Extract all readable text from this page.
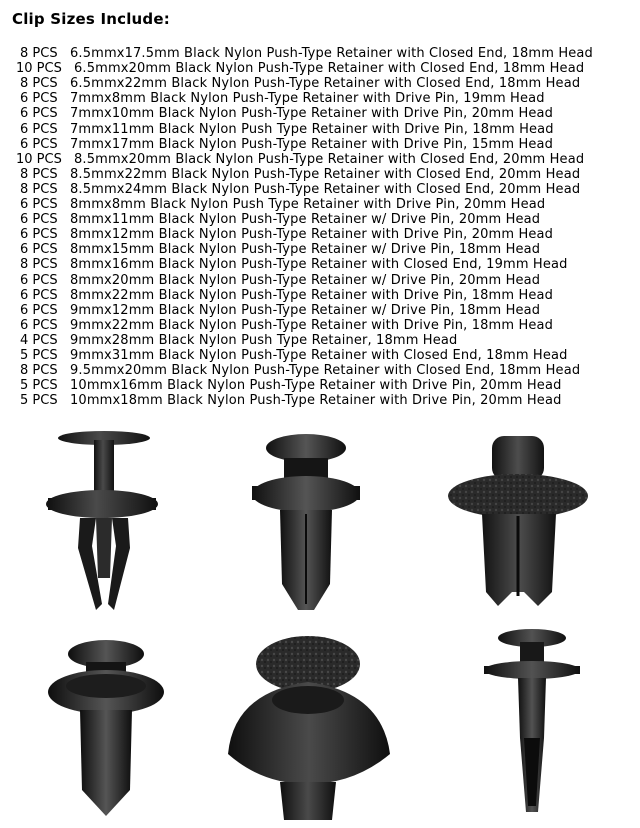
Clip Sizes Include:
8 PCS 6.5mmx17.5mm Black Nylon Push-Type Retainer with Closed End, 18mm Head
10 PCS 6.5mmx20mm Black Nylon Push-Type Retainer with Closed End, 18mm Head
8 PCS 6.5mmx22mm Black Nylon Push-Type Retainer with Closed End, 18mm Head
6 PCS 7mmx8mm Black Nylon Push-Type Retainer with Drive Pin, 19mm Head
6 PCS 7mmx10mm Black Nylon Push-Type Retainer with Drive Pin, 20mm Head
6 PCS 7mmx11mm Black Nylon Push Type Retainer with Drive Pin, 18mm Head
6 PCS 7mmx17mm Black Nylon Push-Type Retainer with Drive Pin, 15mm Head
10 PCS 8.5mmx20mm Black Nylon Push-Type Retainer with Closed End, 20mm Head
8 PCS 8.5mmx22mm Black Nylon Push-Type Retainer with Closed End, 20mm Head
8 PCS 8.5mmx24mm Black Nylon Push-Type Retainer with Closed End, 20mm Head
6 PCS 8mmx8mm Black Nylon Push Type Retainer with Drive Pin, 20mm Head
6 PCS 8mmx11mm Black Nylon Push-Type Retainer w/ Drive Pin, 20mm Head
6 PCS 8mmx12mm Black Nylon Push-Type Retainer with Drive Pin, 20mm Head
6 PCS 8mmx15mm Black Nylon Push-Type Retainer w/ Drive Pin, 18mm Head
8 PCS 8mmx16mm Black Nylon Push-Type Retainer with Closed End, 19mm Head
6 PCS 8mmx20mm Black Nylon Push-Type Retainer w/ Drive Pin, 20mm Head
6 PCS 8mmx22mm Black Nylon Push-Type Retainer with Drive Pin, 18mm Head
6 PCS 9mmx12mm Black Nylon Push-Type Retainer w/ Drive Pin, 18mm Head
6 PCS 9mmx22mm Black Nylon Push-Type Retainer with Drive Pin, 18mm Head
4 PCS 9mmx28mm Black Nylon Push Type Retainer, 18mm Head
5 PCS 9mmx31mm Black Nylon Push-Type Retainer with Closed End, 18mm Head
8 PCS 9.5mmx20mm Black Nylon Push-Type Retainer with Closed End, 18mm Head
5 PCS 10mmx16mm Black Nylon Push-Type Retainer with Drive Pin, 20mm Head
5 PCS 10mmx18mm Black Nylon Push-Type Retainer with Drive Pin, 20mm Head
